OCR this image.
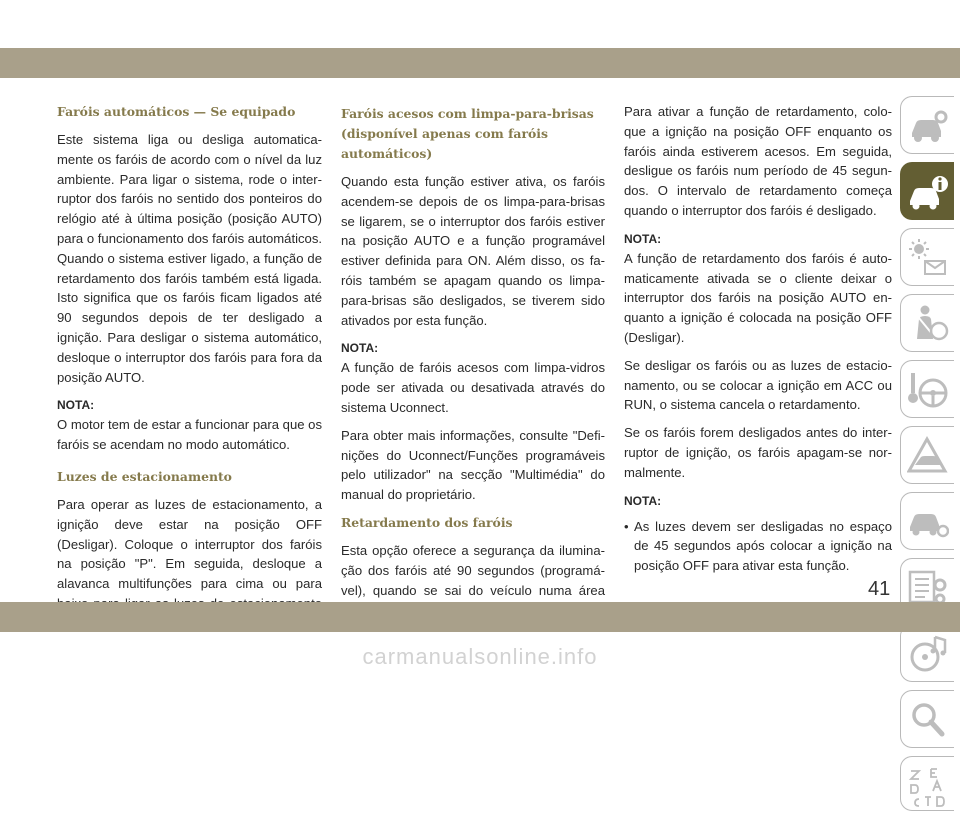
Faróis automáticos — Se equipado

Este sistema liga ou desliga automaticamente os faróis de acordo com o nível da luz ambiente. Para ligar o sistema, rode o interruptor dos faróis no sentido dos ponteiros do relógio até à última posição (posição AUTO) para o funcionamento dos faróis automáticos. Quando o sistema estiver ligado, a função de retardamento dos faróis também está ligada. Isto significa que os faróis ficam ligados até 90 segundos depois de ter desligado a ignição. Para desligar o sistema automático, desloque o interruptor dos faróis para fora da posição AUTO.

NOTA:

O motor tem de estar a funcionar para que os faróis se acendam no modo automático.

Luzes de estacionamento

Para operar as luzes de estacionamento, a ignição deve estar na posição OFF (Desligar). Coloque o interruptor dos faróis na posição "P". Em seguida, desloque a alavanca multifunções para cima ou para

Faróis acesos com limpa-para-brisas (disponível apenas com faróis automáticos)

Quando esta função estiver ativa, os faróis acendem-se depois de os limpa-para-brisas se ligarem, se o interruptor dos faróis estiver na posição AUTO e a função programável estiver definida para ON. Além disso, os faróis também se apagam quando os limpa-para-brisas são desligados, se tiverem sido ativados por esta função.

NOTA:

A função de faróis acesos com limpa-vidros pode ser ativada ou desativada através do sistema Uconnect.

Para obter mais informações, consulte "Definições do Uconnect/Funções programáveis pelo utilizador" na secção "Multimédia" do manual do proprietário.

Retardamento dos faróis

Esta opção oferece a segurança da iluminação dos faróis até 90 segundos (programável), quando se sai do veículo numa área

Para ativar a função de retardamento, coloque a ignição na posição OFF enquanto os faróis ainda estiverem acesos. Em seguida, desligue os faróis num período de 45 segundos. O intervalo de retardamento começa quando o interruptor dos faróis é desligado.

NOTA:

A função de retardamento dos faróis é automaticamente ativada se o cliente deixar o interruptor dos faróis na posição AUTO enquanto a ignição é colocada na posição OFF (Desligar).

Se desligar os faróis ou as luzes de estacionamento, ou se colocar a ignição em ACC ou RUN, o sistema cancela o retardamento.

Se os faróis forem desligados antes do interruptor de ignição, os faróis apagam-se normalmente.

NOTA:
• As luzes devem ser desligadas no espaço de 45 segundos após colocar a ignição na posição OFF para ativar esta função.
41
carmanualsonline.info
